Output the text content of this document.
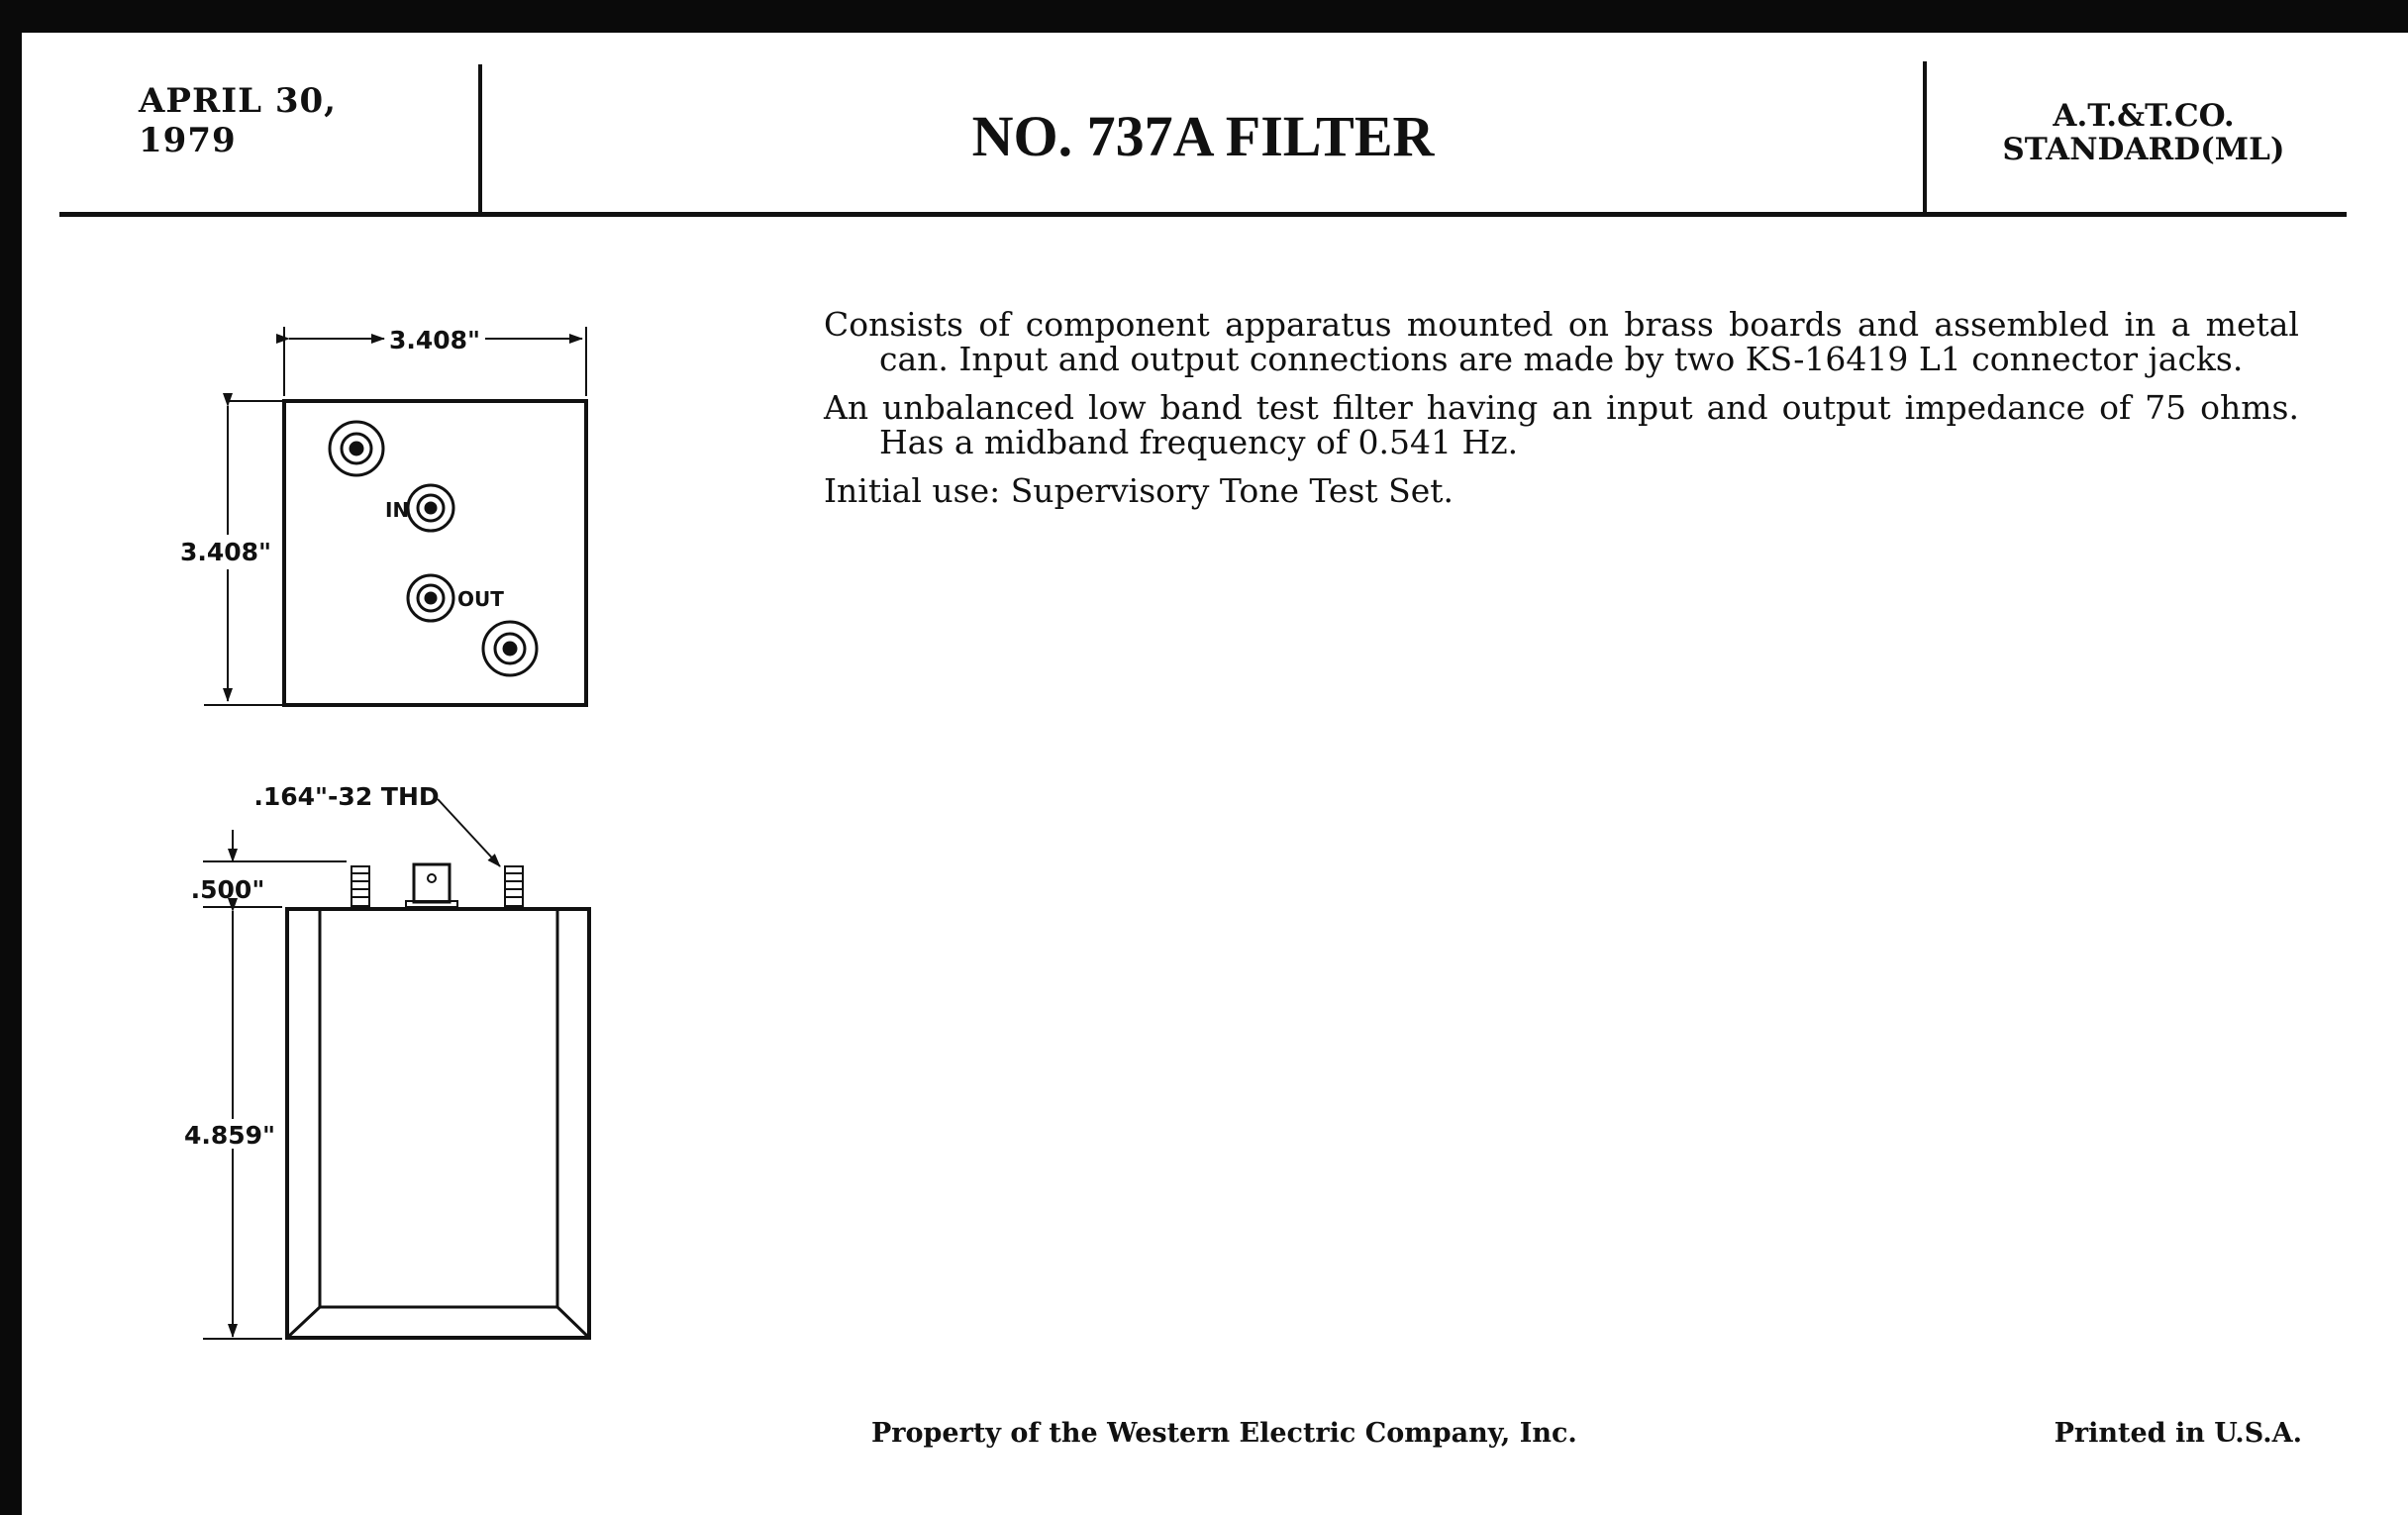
APRIL 30, 1979	NO. 737A FILTER	A.T.&T.CO.
STANDARD(ML)
3.408"
3.408"
IN
OUT
.164"-32 THD
.500"
4.859"

Consists of component apparatus mounted on brass boards and assembled in a metal can. Input and output connections are made by two KS-16419 L1 connector jacks.

An unbalanced low band test filter having an input and output impedance of 75 ohms. Has a midband frequency of 0.541 Hz.

Initial use: Supervisory Tone Test Set.

Property of the Western Electric Company, Inc.	Printed in U.S.A.
